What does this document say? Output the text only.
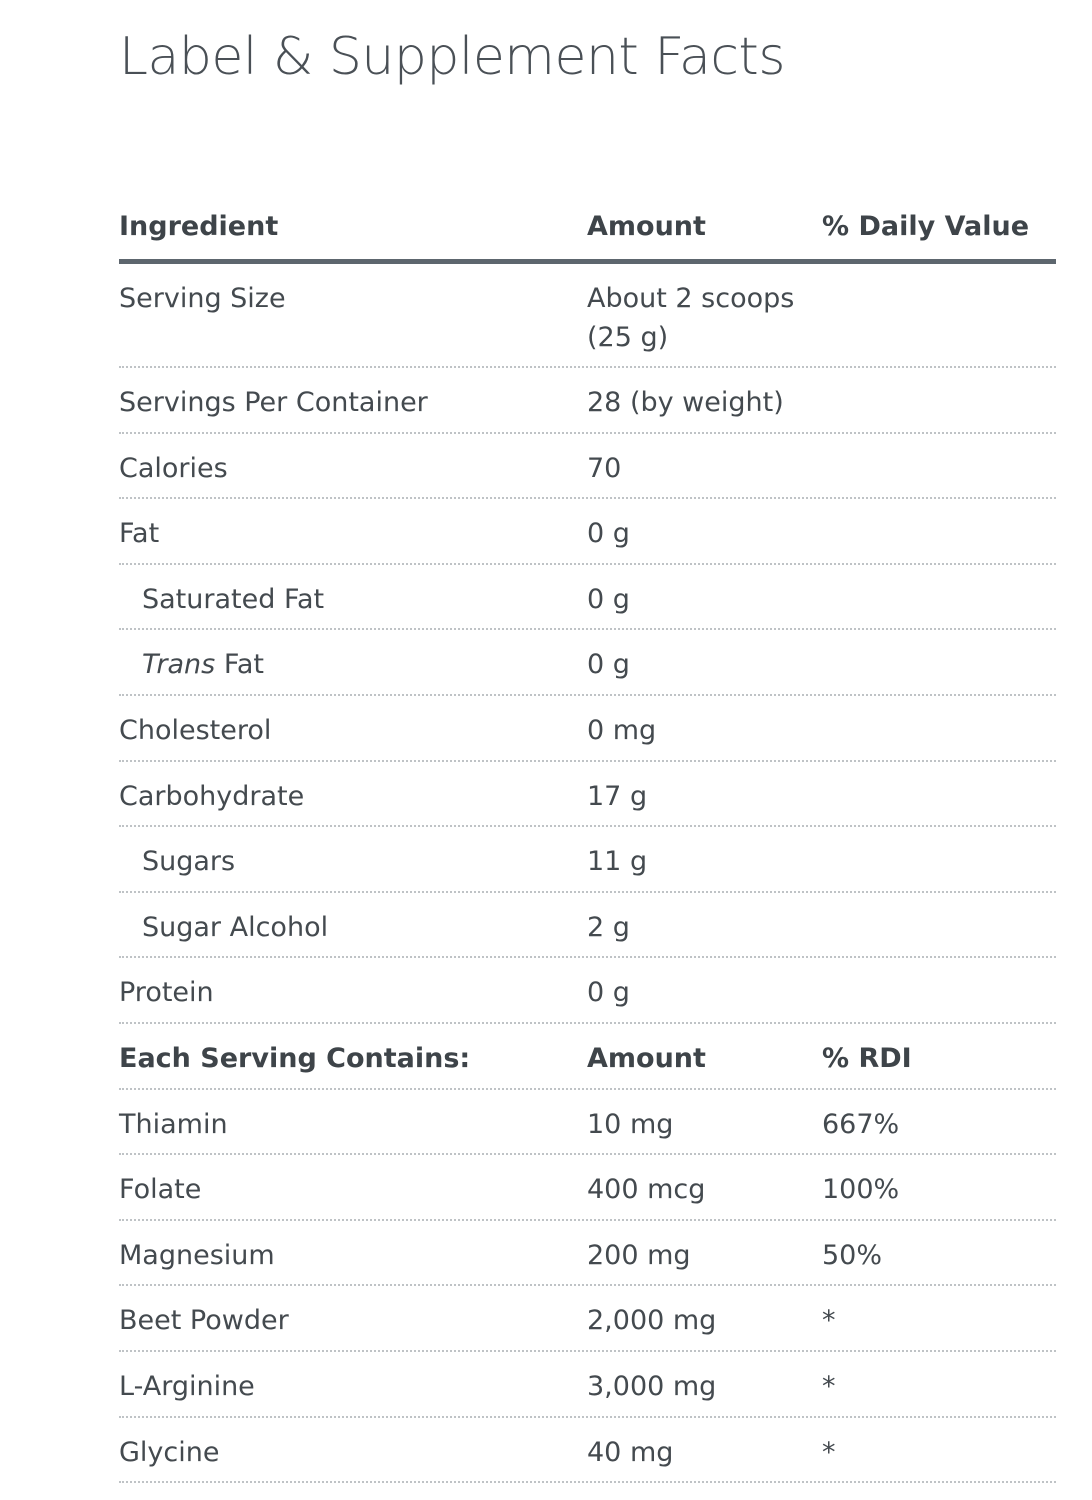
Label & Supplement Facts
Ingredient	Amount	% Daily Value
Serving Size	About 2 scoops (25 g)
Servings Per Container	28 (by weight)
Calories	70
Fat	0 g
Saturated Fat	0 g
Trans Fat	0 g
Cholesterol	0 mg
Carbohydrate	17 g
Sugars	11 g
Sugar Alcohol	2 g
Protein	0 g
Each Serving Contains:	Amount	% RDI
Thiamin	10 mg	667%
Folate	400 mcg	100%
Magnesium	200 mg	50%
Beet Powder	2,000 mg	*
L-Arginine	3,000 mg	*
Glycine	40 mg	*
